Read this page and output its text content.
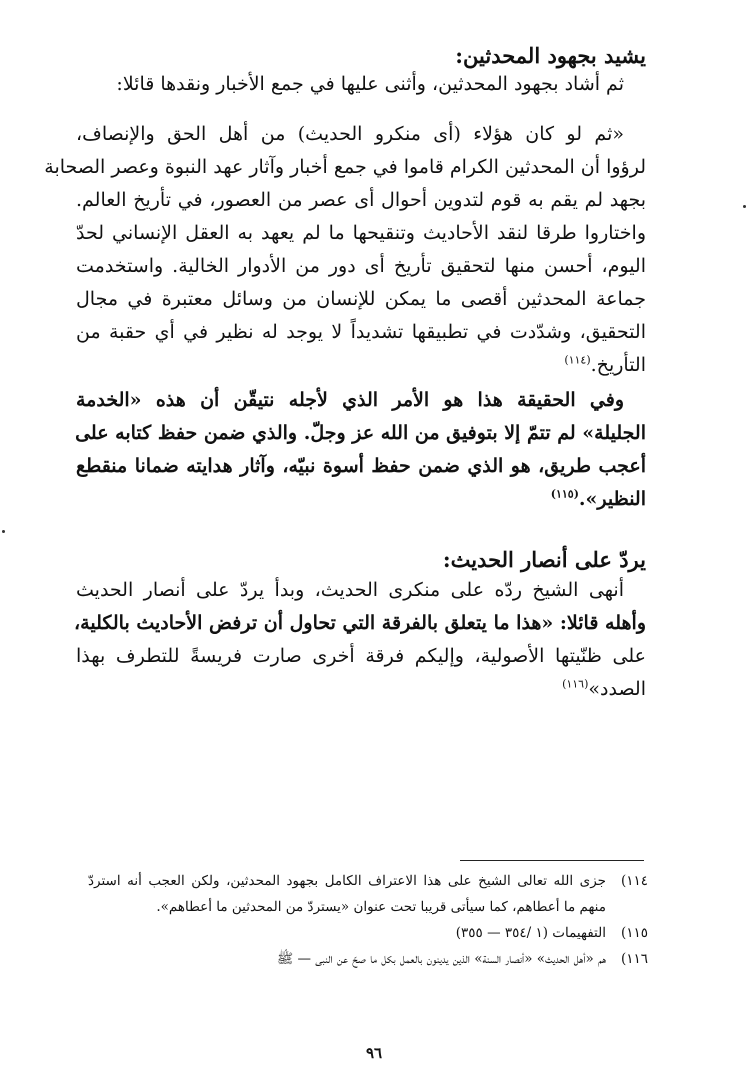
يشيد بجهود المحدثين:
ثم أشاد بجهود المحدثين، وأثنى عليها في جمع الأخبار ونقدها قائلا:
«ثم لو كان هؤلاء (أى منكرو الحديث) من أهل الحق والإنصاف،
لرؤوا أن المحدثين الكرام قاموا في جمع أخبار وآثار عهد النبوة وعصر الصحابة
بجهد لم يقم به قوم لتدوين أحوال أى عصر من العصور، في تأريخ العالم.
واختاروا طرقا لنقد الأحاديث وتنقيحها ما لم يعهد به العقل الإنساني لحدّ
اليوم، أحسن منها لتحقيق تأريخ أى دور من الأدوار الخالية. واستخدمت
جماعة المحدثين أقصى ما يمكن للإنسان من وسائل معتبرة في مجال
التحقيق، وشدّدت في تطبيقها تشديداً لا يوجد له نظير في أي حقبة من
التأريخ.$^{(١١٤)}$
وفي الحقيقة هذا هو الأمر الذي لأجله نتيقّن أن هذه «الخدمة
الجليلة» لم تتمّ إلا بتوفيق من الله عز وجلّ. والذي ضمن حفظ كتابه على
أعجب طريق، هو الذي ضمن حفظ أسوة نبيّه، وآثار هدايته ضمانا منقطع
النظير».$^{(١١٥)}$
يردّ على أنصار الحديث:
أنهى الشيخ ردّه على منكرى الحديث، وبدأ يردّ على أنصار الحديث
وأهله قائلا: «هذا ما يتعلق بالفرقة التي تحاول أن ترفض الأحاديث بالكلية،
على ظنّيتها الأصولية، وإليكم فرقة أخرى صارت فريسةً للتطرف بهذا
الصدد»$^{(١١٦)}$
١١٤)
جزى الله تعالى الشيخ على هذا الاعتراف الكامل بجهود المحدثين، ولكن العجب أنه استردّ
منهم ما أعطاهم، كما سيأتى قريبا تحت عنوان «يستردّ من المحدثين ما أعطاهم».
١١٥)
التفهيمات (١ /٣٥٤ — ٣٥٥)
١١٦)
هم «أهل الحديث» «أنصار السنة» الذين يدينون بالعمل بكل ما صحّ عن النبى — ﷺ
٩٦
